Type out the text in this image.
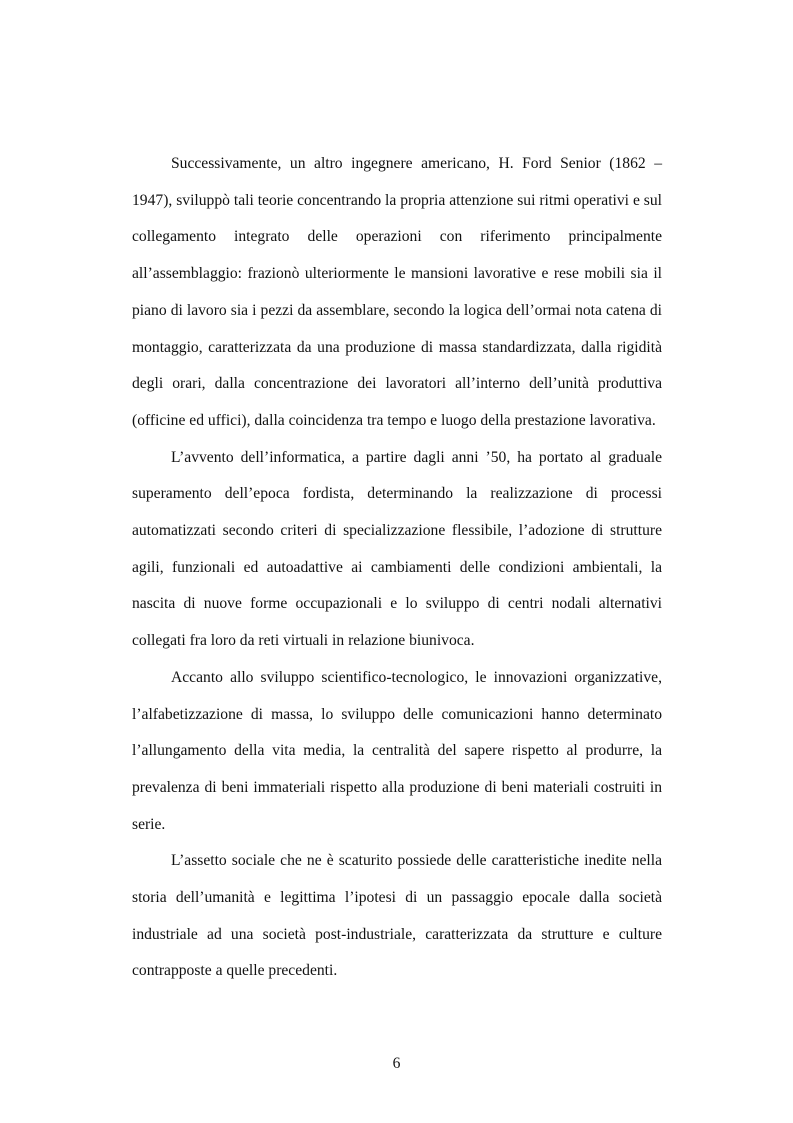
Successivamente, un altro ingegnere americano, H. Ford Senior (1862 – 1947), sviluppò tali teorie concentrando la propria attenzione sui ritmi operativi e sul collegamento integrato delle operazioni con riferimento principalmente all’assemblaggio: frazionò ulteriormente le mansioni lavorative e rese mobili sia il piano di lavoro sia i pezzi da assemblare, secondo la logica dell’ormai nota catena di montaggio, caratterizzata da una produzione di massa standardizzata, dalla rigidità degli orari, dalla concentrazione dei lavoratori all’interno dell’unità produttiva (officine ed uffici), dalla coincidenza tra tempo e luogo della prestazione lavorativa.

L’avvento dell’informatica, a partire dagli anni ’50, ha portato al graduale superamento dell’epoca fordista, determinando la realizzazione di processi automatizzati secondo criteri di specializzazione flessibile, l’adozione di strutture agili, funzionali ed autoadattive ai cambiamenti delle condizioni ambientali, la nascita di nuove forme occupazionali e lo sviluppo di centri nodali alternativi collegati fra loro da reti virtuali in relazione biunivoca.

Accanto allo sviluppo scientifico-tecnologico, le innovazioni organizzative, l’alfabetizzazione di massa, lo sviluppo delle comunicazioni hanno determinato l’allungamento della vita media, la centralità del sapere rispetto al produrre, la prevalenza di beni immateriali rispetto alla produzione di beni materiali costruiti in serie.

L’assetto sociale che ne è scaturito possiede delle caratteristiche inedite nella storia dell’umanità e legittima l’ipotesi di un passaggio epocale dalla società industriale ad una società post-industriale, caratterizzata da strutture e culture contrapposte a quelle precedenti.

6
